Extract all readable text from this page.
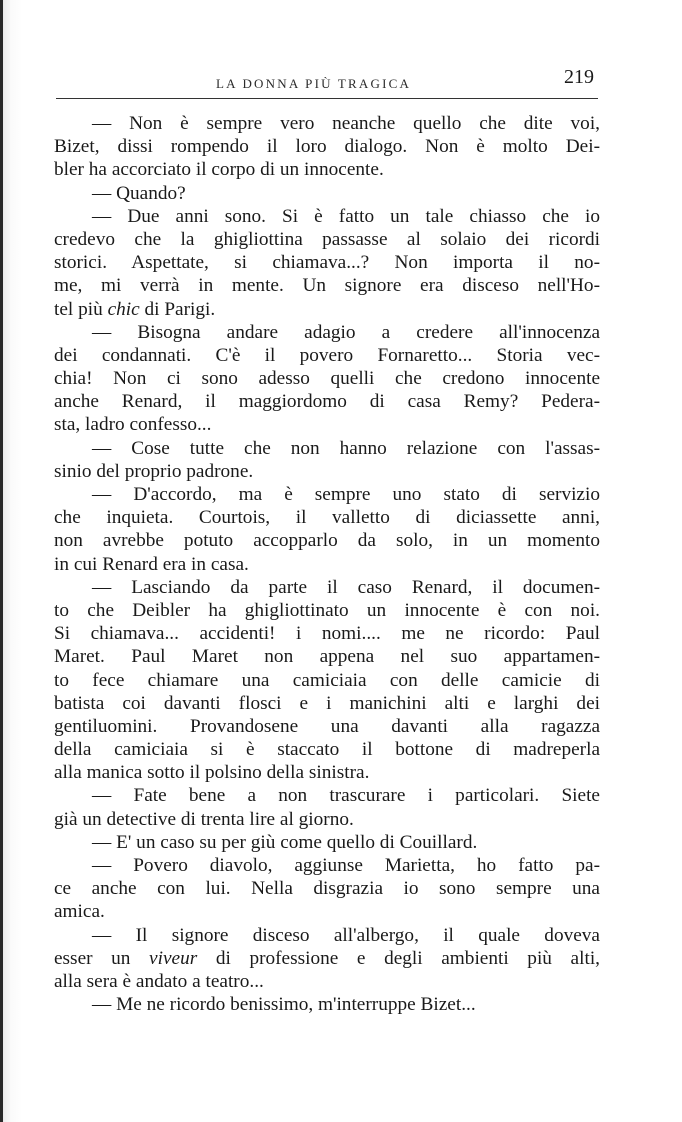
LA DONNA PIÙ TRAGICA	219
— Non è sempre vero neanche quello che dite voi,
Bizet, dissi rompendo il loro dialogo. Non è molto Dei-
bler ha accorciato il corpo di un innocente.
— Quando?
— Due anni sono. Si è fatto un tale chiasso che io
credevo che la ghigliottina passasse al solaio dei ricordi
storici. Aspettate, si chiamava...? Non importa il no-
me, mi verrà in mente. Un signore era disceso nell'Ho-
tel più chic di Parigi.
— Bisogna andare adagio a credere all'innocenza
dei condannati. C'è il povero Fornaretto... Storia vec-
chia! Non ci sono adesso quelli che credono innocente
anche Renard, il maggiordomo di casa Remy? Pedera-
sta, ladro confesso...
— Cose tutte che non hanno relazione con l'assas-
sinio del proprio padrone.
— D'accordo, ma è sempre uno stato di servizio
che inquieta. Courtois, il valletto di diciassette anni,
non avrebbe potuto accopparlo da solo, in un momento
in cui Renard era in casa.
— Lasciando da parte il caso Renard, il documen-
to che Deibler ha ghigliottinato un innocente è con noi.
Si chiamava... accidenti! i nomi.... me ne ricordo: Paul
Maret. Paul Maret non appena nel suo appartamen-
to fece chiamare una camiciaia con delle camicie di
batista coi davanti flosci e i manichini alti e larghi dei
gentiluomini. Provandosene una davanti alla ragazza
della camiciaia si è staccato il bottone di madreperla
alla manica sotto il polsino della sinistra.
— Fate bene a non trascurare i particolari. Siete
già un detective di trenta lire al giorno.
— E' un caso su per giù come quello di Couillard.
— Povero diavolo, aggiunse Marietta, ho fatto pa-
ce anche con lui. Nella disgrazia io sono sempre una
amica.
— Il signore disceso all'albergo, il quale doveva
esser un viveur di professione e degli ambienti più alti,
alla sera è andato a teatro...
— Me ne ricordo benissimo, m'interruppe Bizet...
